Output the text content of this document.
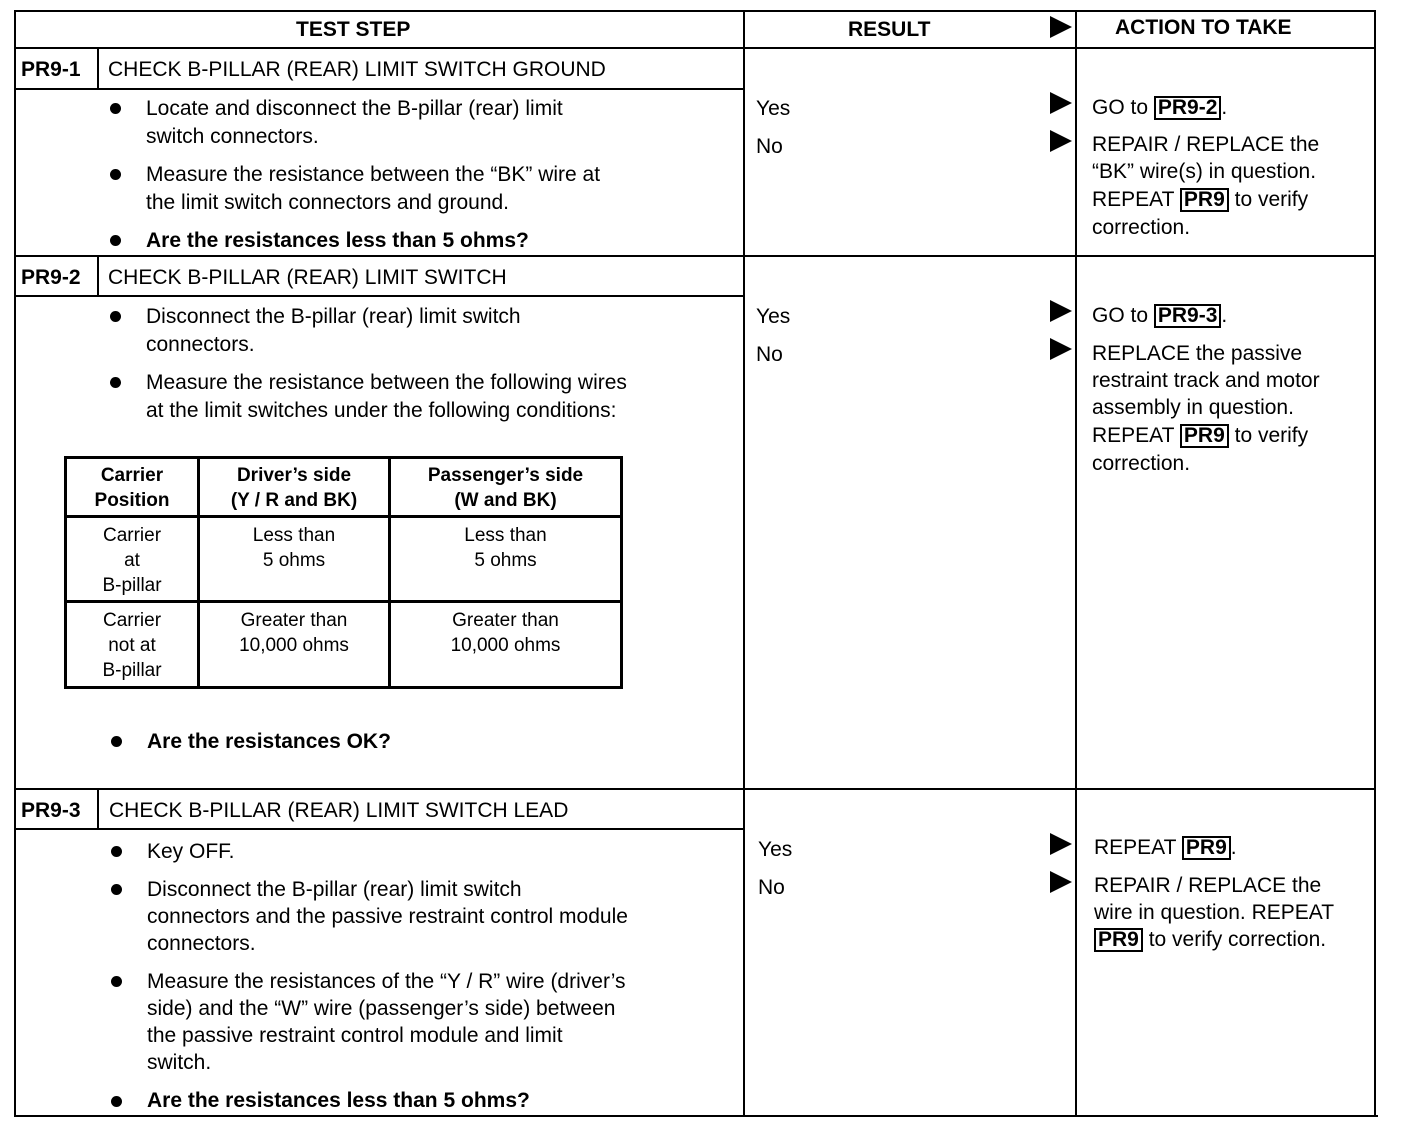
TEST STEP	RESULT	ACTION TO TAKE
PR9-1 CHECK B-PILLAR (REAR) LIMIT SWITCH GROUND
Locate and disconnect the B-pillar (rear) limit
switch connectors.
Measure the resistance between the “BK” wire at
the limit switch connectors and ground.
Are the resistances less than 5 ohms?
Yes
No
GO to PR9-2 .
REPAIR / REPLACE the
“BK” wire(s) in question.
REPEAT PR9 to verify
correction.
PR9-2 CHECK B-PILLAR (REAR) LIMIT SWITCH
Disconnect the B-pillar (rear) limit switch
connectors.
Measure the resistance between the following wires
at the limit switches under the following conditions:
Carrier
Position
Driver’s side
(Y / R and BK)
Passenger’s side
(W and BK)
Carrier
at
B-pillar
Less than
5 ohms
Less than
5 ohms
Carrier
not at
B-pillar
Greater than
10,000 ohms
Greater than
10,000 ohms
Are the resistances OK?
Yes
No
GO to PR9-3 .
REPLACE the passive
restraint track and motor
assembly in question.
REPEAT PR9 to verify
correction.
PR9-3 CHECK B-PILLAR (REAR) LIMIT SWITCH LEAD
Key OFF.
Disconnect the B-pillar (rear) limit switch
connectors and the passive restraint control module
connectors.
Measure the resistances of the “Y / R” wire (driver’s
side) and the “W” wire (passenger’s side) between
the passive restraint control module and limit
switch.
Are the resistances less than 5 ohms?
Yes
No
REPEAT PR9 .
REPAIR / REPLACE the
wire in question. REPEAT
PR9 to verify correction.
